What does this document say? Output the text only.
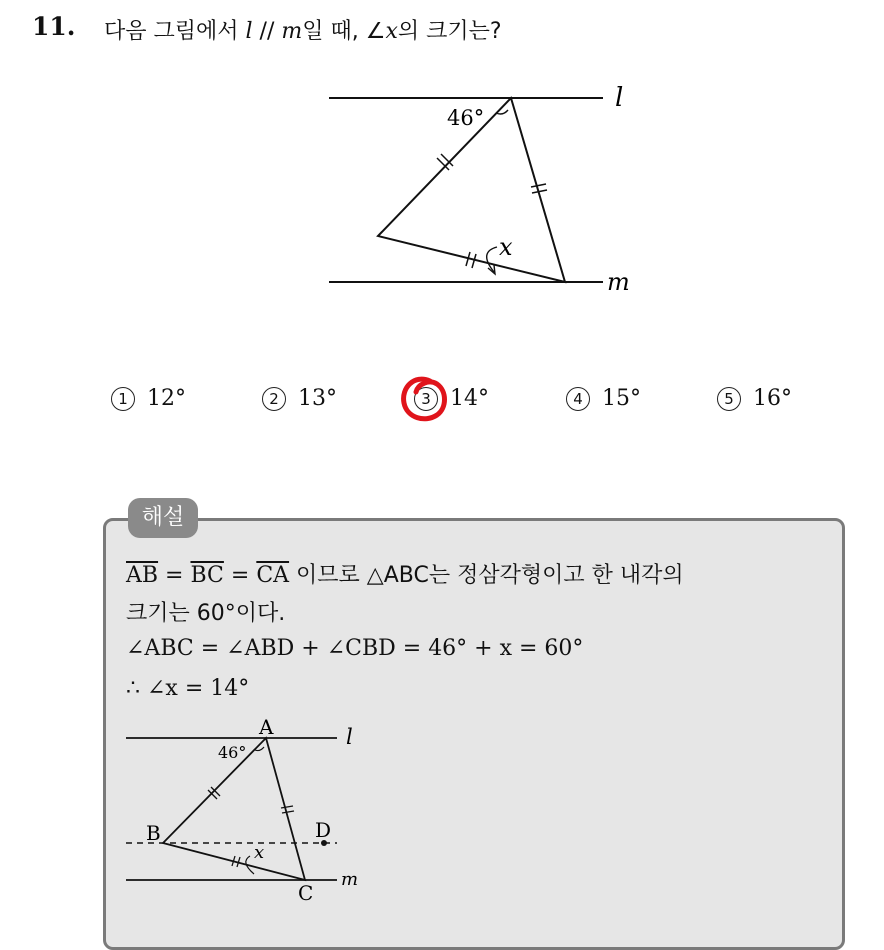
11. 다음 그림에서 l // m일 때, ∠x의 크기는?
46°
l
m
x
1 12°	2 13°	3 14°	4 15°	5 16°
해설
$\overline{AB} = \overline{BC} = \overline{CA}$ 이므로 △ABC는 정삼각형이고 한 내각의
크기는 60°이다.
∠ABC = ∠ABD + ∠CBD = 46° + x = 60°
∴ ∠x = 14°
A
B
C
D
46°
l
m
x
